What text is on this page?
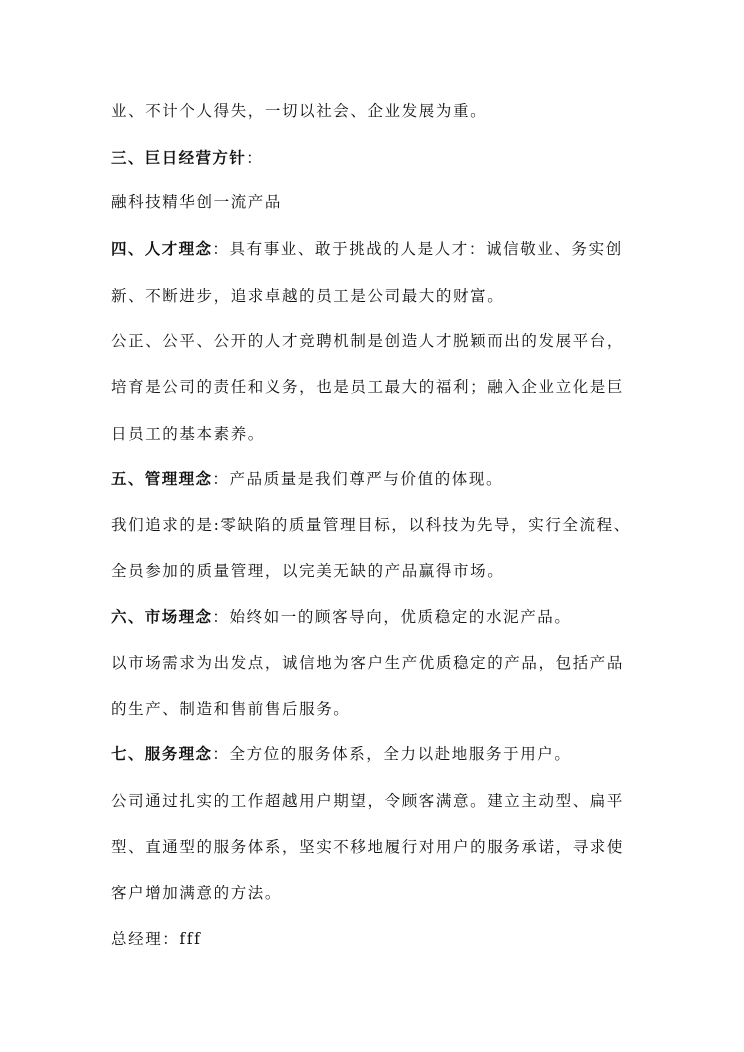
业、不计个人得失，一切以社会、企业发展为重。
三、巨日经营方针：
融科技精华创一流产品
四、人才理念：具有事业、敢于挑战的人是人才：诚信敬业、务实创
新、不断进步，追求卓越的员工是公司最大的财富。
公正、公平、公开的人才竞聘机制是创造人才脱颖而出的发展平台，
培育是公司的责任和义务，也是员工最大的福利；融入企业立化是巨
日员工的基本素养。
五、管理理念：产品质量是我们尊严与价值的体现。
我们追求的是:零缺陷的质量管理目标，以科技为先导，实行全流程、
全员参加的质量管理，以完美无缺的产品赢得市场。
六、市场理念：始终如一的顾客导向，优质稳定的水泥产品。
以市场需求为出发点，诚信地为客户生产优质稳定的产品，包括产品
的生产、制造和售前售后服务。
七、服务理念：全方位的服务体系，全力以赴地服务于用户。
公司通过扎实的工作超越用户期望，令顾客满意。建立主动型、扁平
型、直通型的服务体系，坚实不移地履行对用户的服务承诺，寻求使
客户增加满意的方法。
总经理：fff
